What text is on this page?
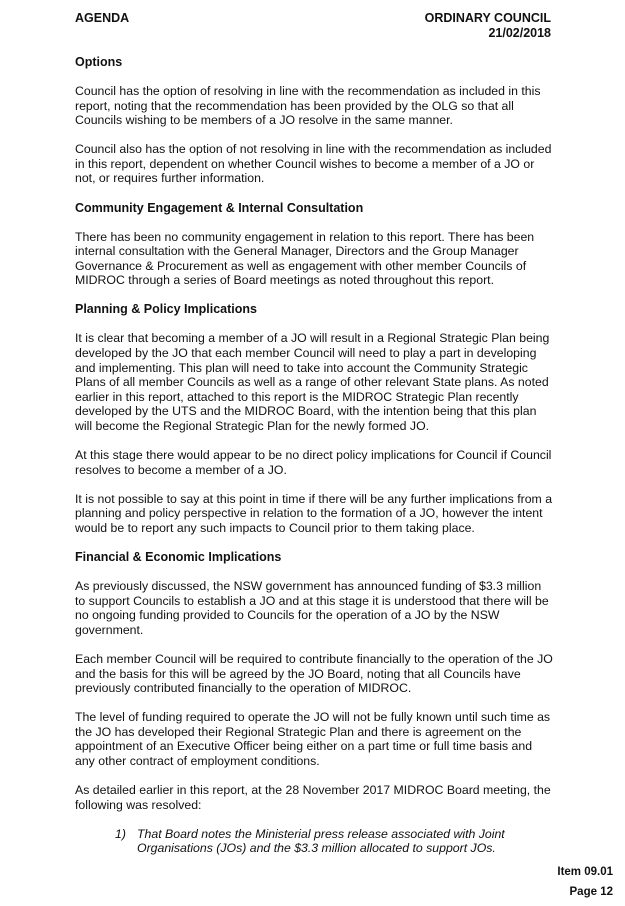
AGENDA	ORDINARY COUNCIL
21/02/2018
Options

Council has the option of resolving in line with the recommendation as included in this report, noting that the recommendation has been provided by the OLG so that all Councils wishing to be members of a JO resolve in the same manner.

Council also has the option of not resolving in line with the recommendation as included in this report, dependent on whether Council wishes to become a member of a JO or not, or requires further information.

Community Engagement & Internal Consultation

There has been no community engagement in relation to this report. There has been internal consultation with the General Manager, Directors and the Group Manager Governance & Procurement as well as engagement with other member Councils of MIDROC through a series of Board meetings as noted throughout this report.

Planning & Policy Implications

It is clear that becoming a member of a JO will result in a Regional Strategic Plan being developed by the JO that each member Council will need to play a part in developing and implementing. This plan will need to take into account the Community Strategic Plans of all member Councils as well as a range of other relevant State plans. As noted earlier in this report, attached to this report is the MIDROC Strategic Plan recently developed by the UTS and the MIDROC Board, with the intention being that this plan will become the Regional Strategic Plan for the newly formed JO.

At this stage there would appear to be no direct policy implications for Council if Council resolves to become a member of a JO.

It is not possible to say at this point in time if there will be any further implications from a planning and policy perspective in relation to the formation of a JO, however the intent would be to report any such impacts to Council prior to them taking place.

Financial & Economic Implications

As previously discussed, the NSW government has announced funding of $3.3 million to support Councils to establish a JO and at this stage it is understood that there will be no ongoing funding provided to Councils for the operation of a JO by the NSW government.

Each member Council will be required to contribute financially to the operation of the JO and the basis for this will be agreed by the JO Board, noting that all Councils have previously contributed financially to the operation of MIDROC.

The level of funding required to operate the JO will not be fully known until such time as the JO has developed their Regional Strategic Plan and there is agreement on the appointment of an Executive Officer being either on a part time or full time basis and any other contract of employment conditions.

As detailed earlier in this report, at the 28 November 2017 MIDROC Board meeting, the following was resolved:

1) That Board notes the Ministerial press release associated with Joint Organisations (JOs) and the $3.3 million allocated to support JOs.
Item 09.01
Page 12
